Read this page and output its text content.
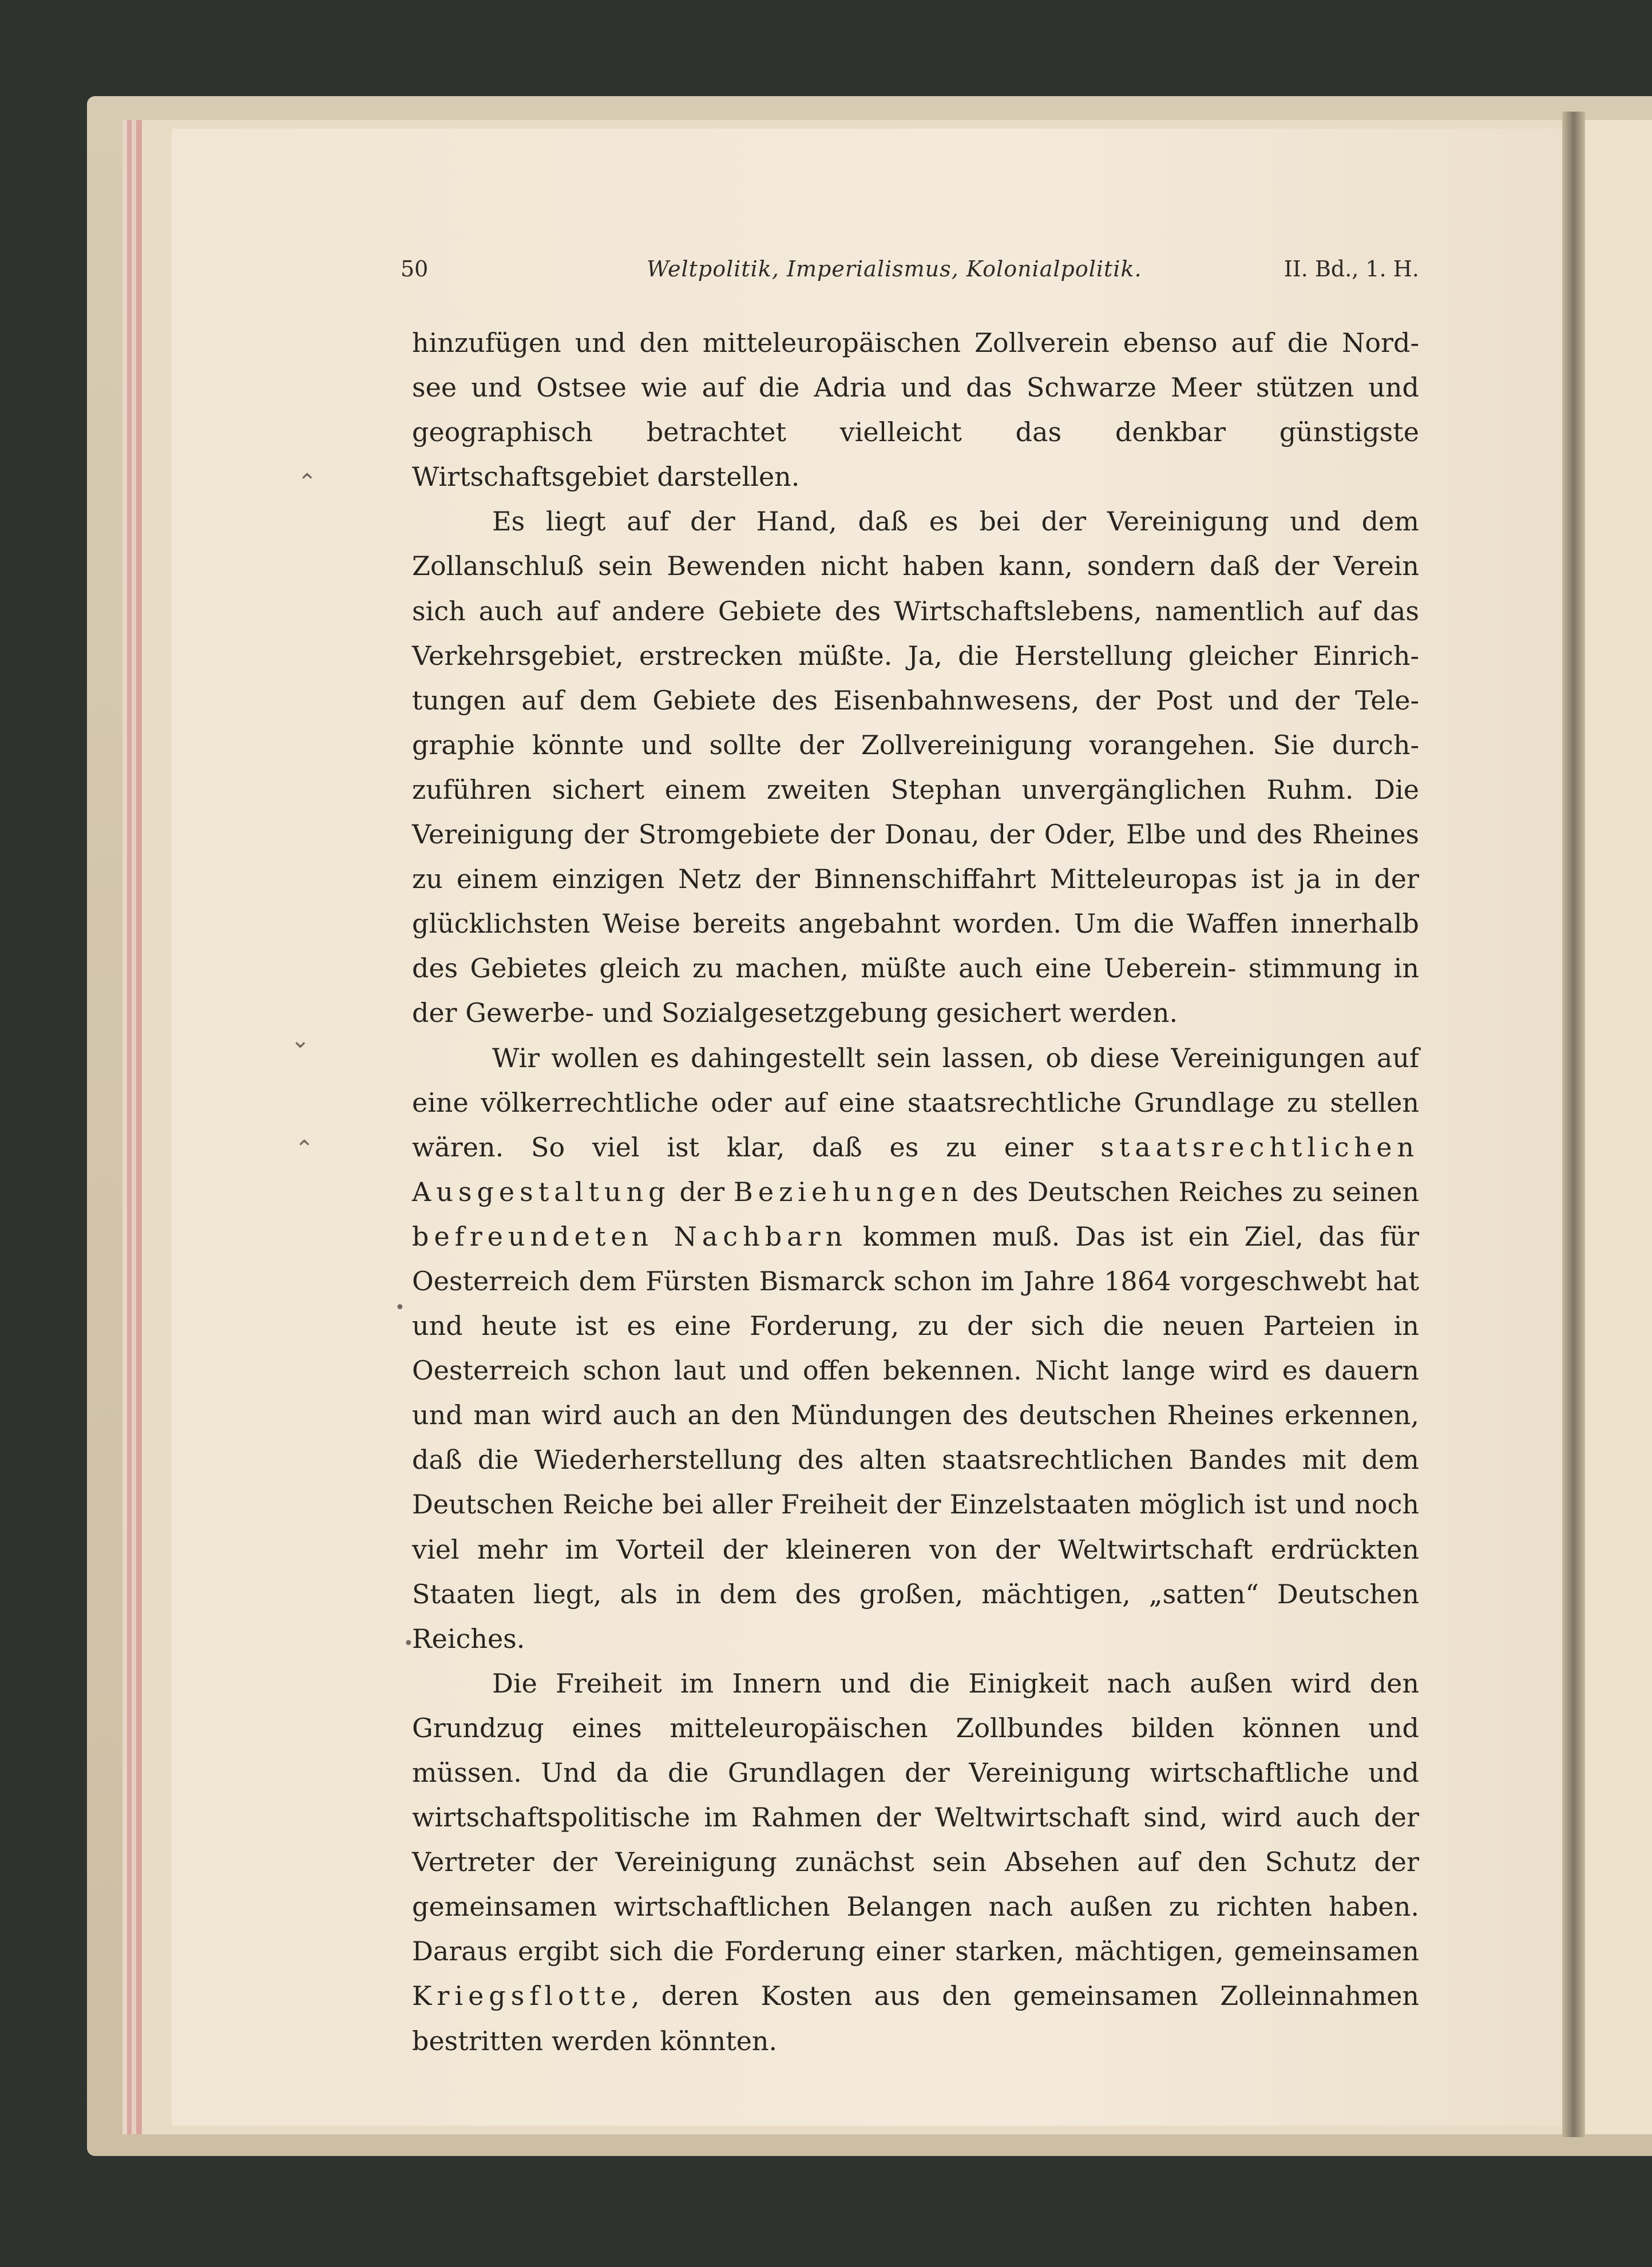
50	Weltpolitik, Imperialismus, Kolonialpolitik.	II. Bd., 1. H.
⌃
⌄
⌃
•
•

hinzufügen und den mitteleuropäischen Zollverein ebenso auf die Nord- see und Ostsee wie auf die Adria und das Schwarze Meer stützen und geographisch betrachtet vielleicht das denkbar günstigste Wirtschaftsgebiet darstellen.

Es liegt auf der Hand, daß es bei der Vereinigung und dem Zollanschluß sein Bewenden nicht haben kann, sondern daß der Verein sich auch auf andere Gebiete des Wirtschaftslebens, namentlich auf das Verkehrsgebiet, erstrecken müßte. Ja, die Herstellung gleicher Einrich- tungen auf dem Gebiete des Eisenbahnwesens, der Post und der Tele- graphie könnte und sollte der Zollvereinigung vorangehen. Sie durch- zuführen sichert einem zweiten Stephan unvergänglichen Ruhm. Die Vereinigung der Stromgebiete der Donau, der Oder, Elbe und des Rheines zu einem einzigen Netz der Binnenschiffahrt Mitteleuropas ist ja in der glücklichsten Weise bereits angebahnt worden. Um die Waffen innerhalb des Gebietes gleich zu machen, müßte auch eine Ueberein- stimmung in der Gewerbe- und Sozialgesetzgebung gesichert werden.

Wir wollen es dahingestellt sein lassen, ob diese Vereinigungen auf eine völkerrechtliche oder auf eine staatsrechtliche Grundlage zu stellen wären. So viel ist klar, daß es zu einer staatsrechtlichen Ausgestaltung der Beziehungen des Deutschen Reiches zu seinen befreundeten Nachbarn kommen muß. Das ist ein Ziel, das für Oesterreich dem Fürsten Bismarck schon im Jahre 1864 vorgeschwebt hat und heute ist es eine Forderung, zu der sich die neuen Parteien in Oesterreich schon laut und offen bekennen. Nicht lange wird es dauern und man wird auch an den Mündungen des deutschen Rheines erkennen, daß die Wiederherstellung des alten staatsrechtlichen Bandes mit dem Deutschen Reiche bei aller Freiheit der Einzelstaaten möglich ist und noch viel mehr im Vorteil der kleineren von der Weltwirtschaft erdrückten Staaten liegt, als in dem des großen, mächtigen, „satten“ Deutschen Reiches.

Die Freiheit im Innern und die Einigkeit nach außen wird den Grundzug eines mitteleuropäischen Zollbundes bilden können und müssen. Und da die Grundlagen der Vereinigung wirtschaftliche und wirtschaftspolitische im Rahmen der Weltwirtschaft sind, wird auch der Vertreter der Vereinigung zunächst sein Absehen auf den Schutz der gemeinsamen wirtschaftlichen Belangen nach außen zu richten haben. Daraus ergibt sich die Forderung einer starken, mächtigen, gemeinsamen Kriegsflotte, deren Kosten aus den gemeinsamen Zolleinnahmen bestritten werden könnten.
